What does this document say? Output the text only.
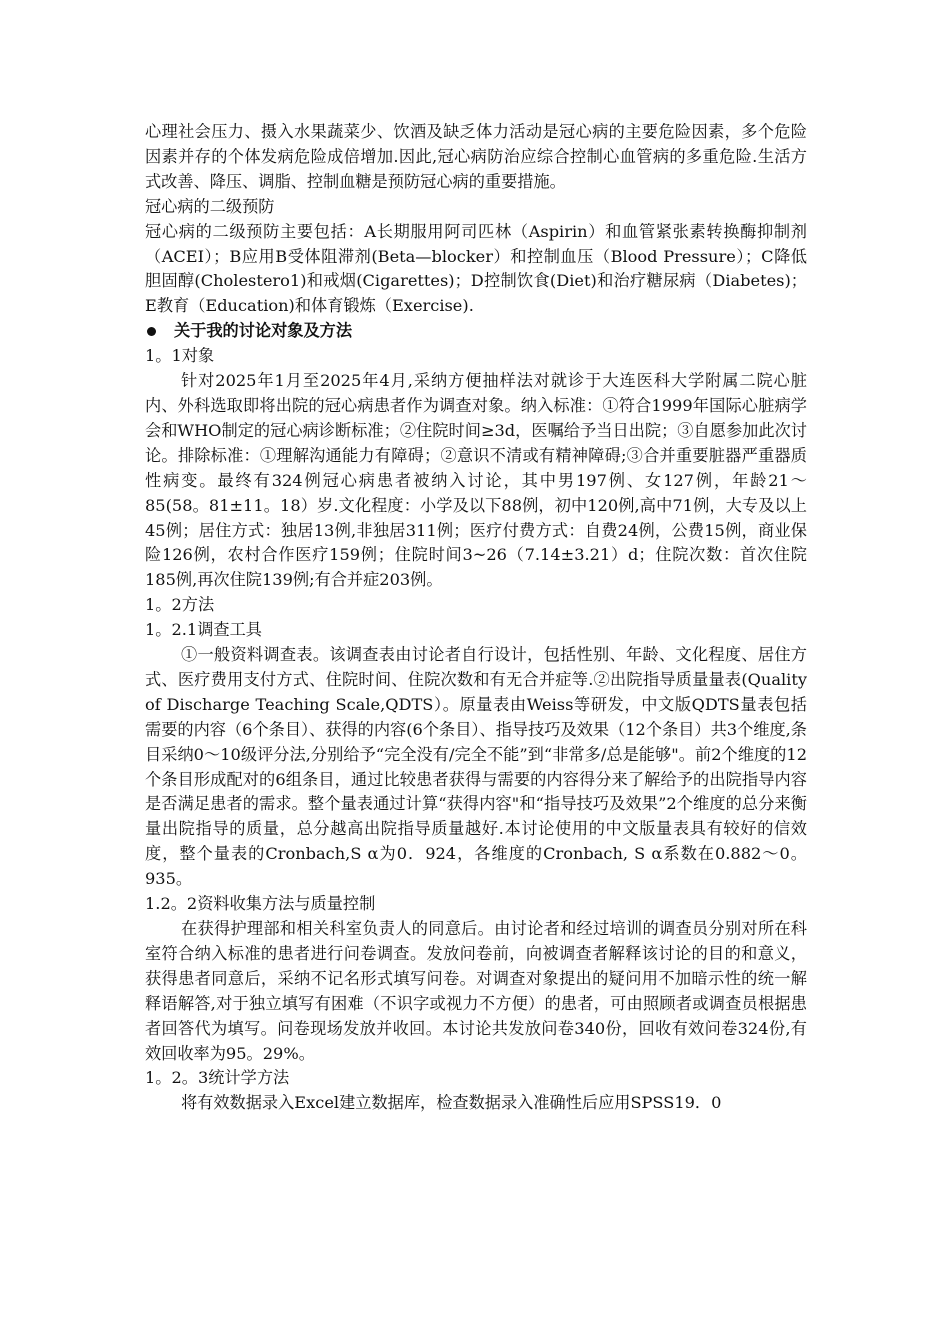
心理社会压力、摄入水果蔬菜少、饮酒及缺乏体力活动是冠心病的主要危险因素，多个危险因素并存的个体发病危险成倍增加.因此,冠心病防治应综合控制心血管病的多重危险.生活方式改善、降压、调脂、控制血糖是预防冠心病的重要措施。

冠心病的二级预防

冠心病的二级预防主要包括：A长期服用阿司匹林（Aspirin）和血管紧张素转换酶抑制剂（ACEI）；B应用B受体阻滞剂(Beta—blocker）和控制血压（Blood Pressure）；C降低胆固醇(Cholestero1)和戒烟(Cigarettes)；D控制饮食(Diet)和治疗糖尿病（Diabetes)；E教育（Education)和体育锻炼（Exercise).

关于我的讨论对象及方法

1。1对象

针对2025年1月至2025年4月,采纳方便抽样法对就诊于大连医科大学附属二院心脏内、外科选取即将出院的冠心病患者作为调查对象。纳入标准：①符合1999年国际心脏病学会和WHO制定的冠心病诊断标准；②住院时间≥3d，医嘱给予当日出院；③自愿参加此次讨论。排除标准：①理解沟通能力有障碍；②意识不清或有精神障碍;③合并重要脏器严重器质性病变。最终有324例冠心病患者被纳入讨论，其中男197例、女127例，年龄21～85(58。81±11。18）岁.文化程度：小学及以下88例，初中120例,高中71例，大专及以上45例；居住方式：独居13例,非独居311例；医疗付费方式：自费24例，公费15例，商业保险126例，农村合作医疗159例；住院时间3~26（7.14±3.21）d；住院次数：首次住院185例,再次住院139例;有合并症203例。

1。2方法

1。2.1调查工具

①一般资料调查表。该调查表由讨论者自行设计，包括性别、年龄、文化程度、居住方式、医疗费用支付方式、住院时间、住院次数和有无合并症等.②出院指导质量量表(Quality of Discharge Teaching Scale,QDTS）。原量表由Weiss等研发，中文版QDTS量表包括需要的内容（6个条目）、获得的内容(6个条目）、指导技巧及效果（12个条目）共3个维度,条目采纳0～10级评分法,分别给予“完全没有/完全不能”到“非常多/总是能够"。前2个维度的12个条目形成配对的6组条目，通过比较患者获得与需要的内容得分来了解给予的出院指导内容是否满足患者的需求。整个量表通过计算“获得内容"和“指导技巧及效果”2个维度的总分来衡量出院指导的质量，总分越高出院指导质量越好.本讨论使用的中文版量表具有较好的信效度，整个量表的Cronbach,S α为0．924，各维度的Cronbach, S α系数在0.882～0。935。

1.2。2资料收集方法与质量控制

在获得护理部和相关科室负责人的同意后。由讨论者和经过培训的调查员分别对所在科室符合纳入标准的患者进行问卷调查。发放问卷前，向被调查者解释该讨论的目的和意义，获得患者同意后，采纳不记名形式填写问卷。对调查对象提出的疑问用不加暗示性的统一解释语解答,对于独立填写有困难（不识字或视力不方便）的患者，可由照顾者或调查员根据患者回答代为填写。问卷现场发放并收回。本讨论共发放问卷340份，回收有效问卷324份,有效回收率为95。29%。

1。2。3统计学方法

将有效数据录入Excel建立数据库，检查数据录入准确性后应用SPSS19．0
